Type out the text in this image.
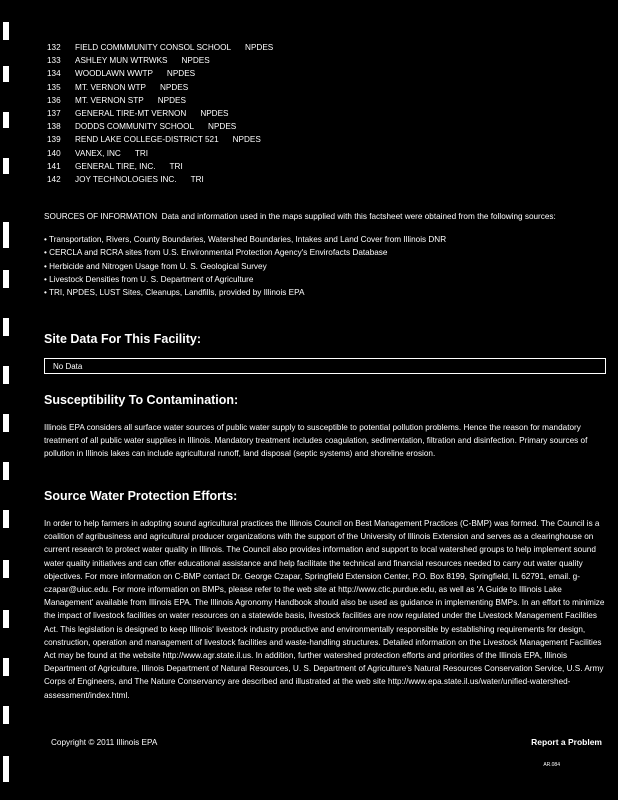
132 FIELD COMMMUNITY CONSOL SCHOOL NPDES
133 ASHLEY MUN WTRWKS NPDES
134 WOODLAWN WWTP NPDES
135 MT. VERNON WTP NPDES
136 MT. VERNON STP NPDES
137 GENERAL TIRE-MT VERNON NPDES
138 DODDS COMMUNITY SCHOOL NPDES
139 REND LAKE COLLEGE-DISTRICT 521 NPDES
140 VANEX, INC TRI
141 GENERAL TIRE, INC. TRI
142 JOY TECHNOLOGIES INC. TRI
SOURCES OF INFORMATION Data and information used in the maps supplied with this factsheet were obtained from the following sources:
• Transportation, Rivers, County Boundaries, Watershed Boundaries, Intakes and Land Cover from Illinois DNR
• CERCLA and RCRA sites from U.S. Environmental Protection Agency's Envirofacts Database
• Herbicide and Nitrogen Usage from U. S. Geological Survey
• Livestock Densities from U. S. Department of Agriculture
• TRI, NPDES, LUST Sites, Cleanups, Landfills, provided by Illinois EPA
Site Data For This Facility:
No Data
Susceptibility To Contamination:
Illinois EPA considers all surface water sources of public water supply to susceptible to potential pollution problems. Hence the reason for mandatory treatment of all public water supplies in Illinois. Mandatory treatment includes coagulation, sedimentation, filtration and disinfection. Primary sources of pollution in Illinois lakes can include agricultural runoff, land disposal (septic systems) and shoreline erosion.
Source Water Protection Efforts:
In order to help farmers in adopting sound agricultural practices the Illinois Council on Best Management Practices (C-BMP) was formed. The Council is a coalition of agribusiness and agricultural producer organizations with the support of the University of Illinois Extension and serves as a clearinghouse on current research to protect water quality in Illinois. The Council also provides information and support to local watershed groups to help implement sound water quality initiatives and can offer educational assistance and help facilitate the technical and financial resources needed to carry out water quality objectives. For more information on C-BMP contact Dr. George Czapar, Springfield Extension Center, P.O. Box 8199, Springfield, IL 62791, email. g-czapar@uiuc.edu. For more information on BMPs, please refer to the web site at http://www.ctic.purdue.edu, as well as 'A Guide to Illinois Lake Management' available from Illinois EPA. The Illinois Agronomy Handbook should also be used as guidance in implementing BMPs. In an effort to minimize the impact of livestock facilities on water resources on a statewide basis, livestock facilities are now regulated under the Livestock Management Facilities Act. This legislation is designed to keep Illinois' livestock industry productive and environmentally responsible by establishing requirements for design, construction, operation and management of livestock facilities and waste-handling structures. Detailed information on the Livestock Management Facilities Act may be found at the website http://www.agr.state.il.us. In addition, further watershed protection efforts and priorities of the Illinois EPA, Illinois Department of Agriculture, Illinois Department of Natural Resources, U. S. Department of Agriculture's Natural Resources Conservation Service, U.S. Army Corps of Engineers, and The Nature Conservancy are described and illustrated at the web site http://www.epa.state.il.us/water/unified-watershed-assessment/index.html.
Copyright © 2011 Illinois EPA	Report a Problem
AR.084
